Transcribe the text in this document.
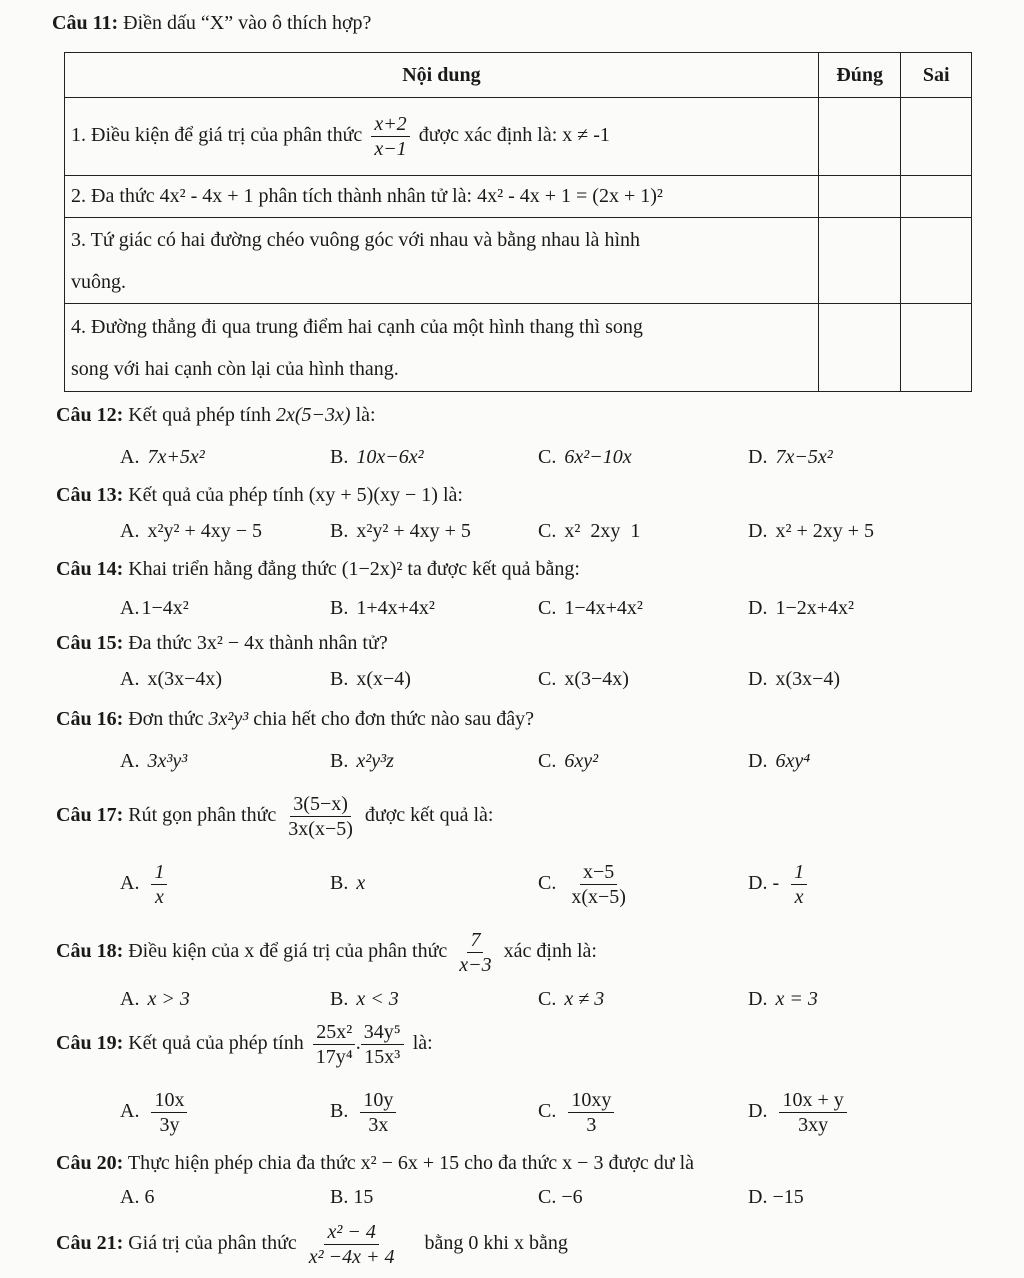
Câu 11: Điền dấu “X” vào ô thích hợp?
Nội dung	Đúng	Sai
1. Điều kiện để giá trị của phân thức $\frac{x+2}{x-1}$ được xác định là: x ≠ -1		
2. Đa thức 4x² - 4x + 1 phân tích thành nhân tử là: 4x² - 4x + 1 = (2x + 1)²		

3. Tứ giác có hai đường chéo vuông góc với nhau và bằng nhau là hình
vuông.		

4. Đường thẳng đi qua trung điểm hai cạnh của một hình thang thì song
song với hai cạnh còn lại của hình thang.		

Câu 12: Kết quả phép tính 2x(5−3x) là:
A. 7x+5x²	B. 10x−6x²	C. 6x²−10x	D. 7x−5x²
Câu 13: Kết quả của phép tính (xy + 5)(xy − 1) là:
A. x²y² + 4xy − 5	B. x²y² + 4xy + 5	C. x²  2xy  1	D. x² + 2xy + 5
Câu 14: Khai triển hằng đẳng thức (1−2x)² ta được kết quả bằng:
A. 1−4x²	B. 1+4x+4x²	C. 1−4x+4x²	D. 1−2x+4x²
Câu 15: Đa thức 3x² − 4x thành nhân tử?
A. x(3x−4x)	B. x(x−4)	C. x(3−4x)	D. x(3x−4)
Câu 16: Đơn thức 3x²y³ chia hết cho đơn thức nào sau đây?
A. 3x³y³	B. x²y³z	C. 6xy²	D. 6xy⁴
Câu 17: Rút gọn phân thức $\frac{3(5-x)}{3x(x-5)}$ được kết quả là:
A. $\frac{1}{x}$	B. x	C. $\frac{x-5}{x(x-5)}$	D. - $\frac{1}{x}$
Câu 18: Điều kiện của x để giá trị của phân thức $\frac{7}{x-3}$ xác định là:
A. x > 3	B. x < 3	C. x ≠ 3	D. x = 3
Câu 19: Kết quả của phép tính $\frac{\text{25x²}}{\text{17y⁴}}$ . $\frac{\text{34y⁵}}{\text{15x³}}$ là:
A. $\frac{10x}{3y}$	B. $\frac{10y}{3x}$	C. $\frac{10xy}{3}$	D. $\frac{10x + y}{3xy}$
Câu 20: Thực hiện phép chia đa thức x² − 6x + 15 cho đa thức x − 3 được dư là
A. 6	B. 15	C. −6	D. −15
Câu 21: Giá trị của phân thức $\frac{\text{x² − 4}}{\text{x² −4x + 4}}$ bằng 0 khi x bằng
